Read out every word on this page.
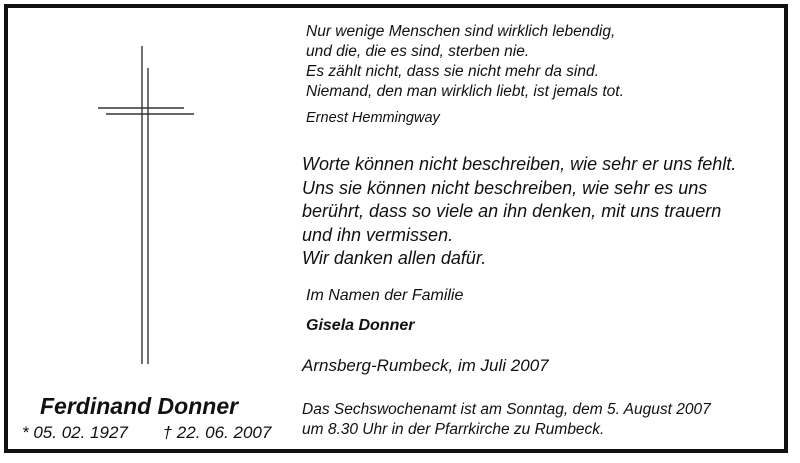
Nur wenige Menschen sind wirklich lebendig,
und die, die es sind, sterben nie.
Es zählt nicht, dass sie nicht mehr da sind.
Niemand, den man wirklich liebt, ist jemals tot.
Ernest Hemmingway
Worte können nicht beschreiben, wie sehr er uns fehlt.
Uns sie können nicht beschreiben, wie sehr es uns
berührt, dass so viele an ihn denken, mit uns trauern
und ihn vermissen.
Wir danken allen dafür.
Im Namen der Familie
Gisela Donner
Arnsberg-Rumbeck, im Juli 2007
Das Sechswochenamt ist am Sonntag, dem 5. August 2007
um 8.30 Uhr in der Pfarrkirche zu Rumbeck.
Ferdinand Donner
* 05. 02. 1927 † 22. 06. 2007
